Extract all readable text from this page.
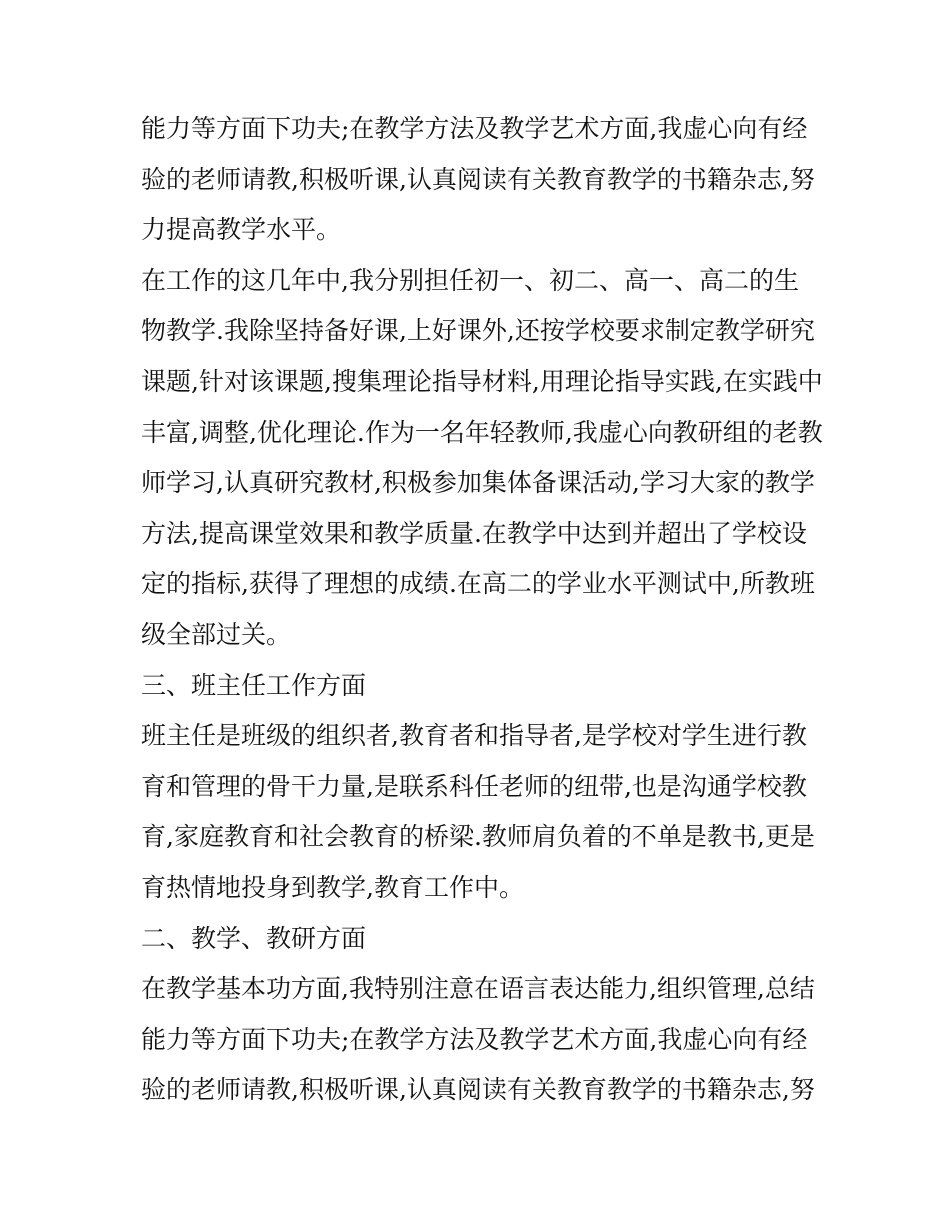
能力等方面下功夫;在教学方法及教学艺术方面,我虚心向有经
验的老师请教,积极听课,认真阅读有关教育教学的书籍杂志,努
力提高教学水平。
在工作的这几年中,我分别担任初一、初二、高一、高二的生
物教学.我除坚持备好课,上好课外,还按学校要求制定教学研究
课题,针对该课题,搜集理论指导材料,用理论指导实践,在实践中
丰富,调整,优化理论.作为一名年轻教师,我虚心向教研组的老教
师学习,认真研究教材,积极参加集体备课活动,学习大家的教学
方法,提高课堂效果和教学质量.在教学中达到并超出了学校设
定的指标,获得了理想的成绩.在高二的学业水平测试中,所教班
级全部过关。
三、班主任工作方面
班主任是班级的组织者,教育者和指导者,是学校对学生进行教
育和管理的骨干力量,是联系科任老师的纽带,也是沟通学校教
育,家庭教育和社会教育的桥梁.教师肩负着的不单是教书,更是
育热情地投身到教学,教育工作中。
二、教学、教研方面
在教学基本功方面,我特别注意在语言表达能力,组织管理,总结
能力等方面下功夫;在教学方法及教学艺术方面,我虚心向有经
验的老师请教,积极听课,认真阅读有关教育教学的书籍杂志,努
